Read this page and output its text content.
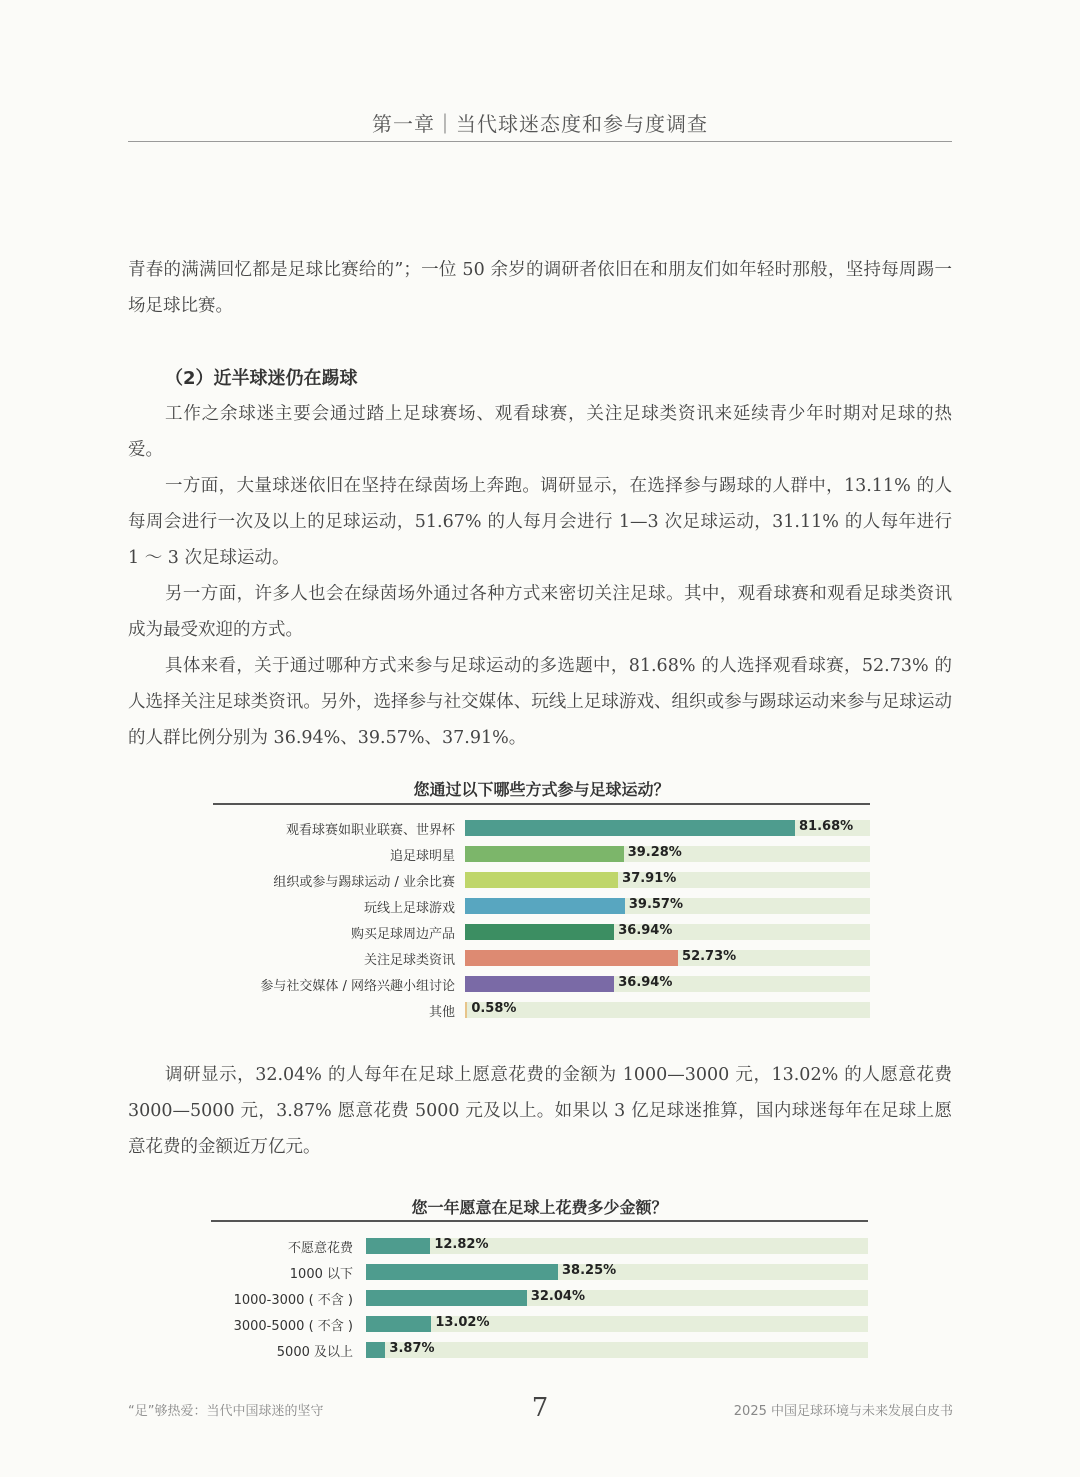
第一章｜当代球迷态度和参与度调查

青春的满满回忆都是足球比赛给的”；一位 50 余岁的调研者依旧在和朋友们如年轻时那般，坚持每周踢一场足球比赛。

（2）近半球迷仍在踢球

工作之余球迷主要会通过踏上足球赛场、观看球赛，关注足球类资讯来延续青少年时期对足球的热爱。

一方面，大量球迷依旧在坚持在绿茵场上奔跑。调研显示，在选择参与踢球的人群中，13.11% 的人每周会进行一次及以上的足球运动，51.67% 的人每月会进行 1—3 次足球运动，31.11% 的人每年进行 1 ～ 3 次足球运动。

另一方面，许多人也会在绿茵场外通过各种方式来密切关注足球。其中，观看球赛和观看足球类资讯成为最受欢迎的方式。

具体来看，关于通过哪种方式来参与足球运动的多选题中，81.68% 的人选择观看球赛，52.73% 的人选择关注足球类资讯。另外，选择参与社交媒体、玩线上足球游戏、组织或参与踢球运动来参与足球运动的人群比例分别为 36.94%、39.57%、37.91%。

您通过以下哪些方式参与足球运动？
观看球赛如职业联赛、世界杯	81.68%
追足球明星	39.28%
组织或参与踢球运动 / 业余比赛	37.91%
玩线上足球游戏	39.57%
购买足球周边产品	36.94%
关注足球类资讯	52.73%
参与社交媒体 / 网络兴趣小组讨论	36.94%
其他 0.58%

调研显示，32.04% 的人每年在足球上愿意花费的金额为 1000—3000 元，13.02% 的人愿意花费 3000—5000 元，3.87% 愿意花费 5000 元及以上。如果以 3 亿足球迷推算，国内球迷每年在足球上愿意花费的金额近万亿元。

您一年愿意在足球上花费多少金额？
不愿意花费	12.82%
1000 以下	38.25%
1000-3000 ( 不含 )	32.04%
3000-5000 ( 不含 )	13.02%
5000 及以上	3.87%
“足”够热爱：当代中国球迷的坚守	7	2025 中国足球环境与未来发展白皮书
